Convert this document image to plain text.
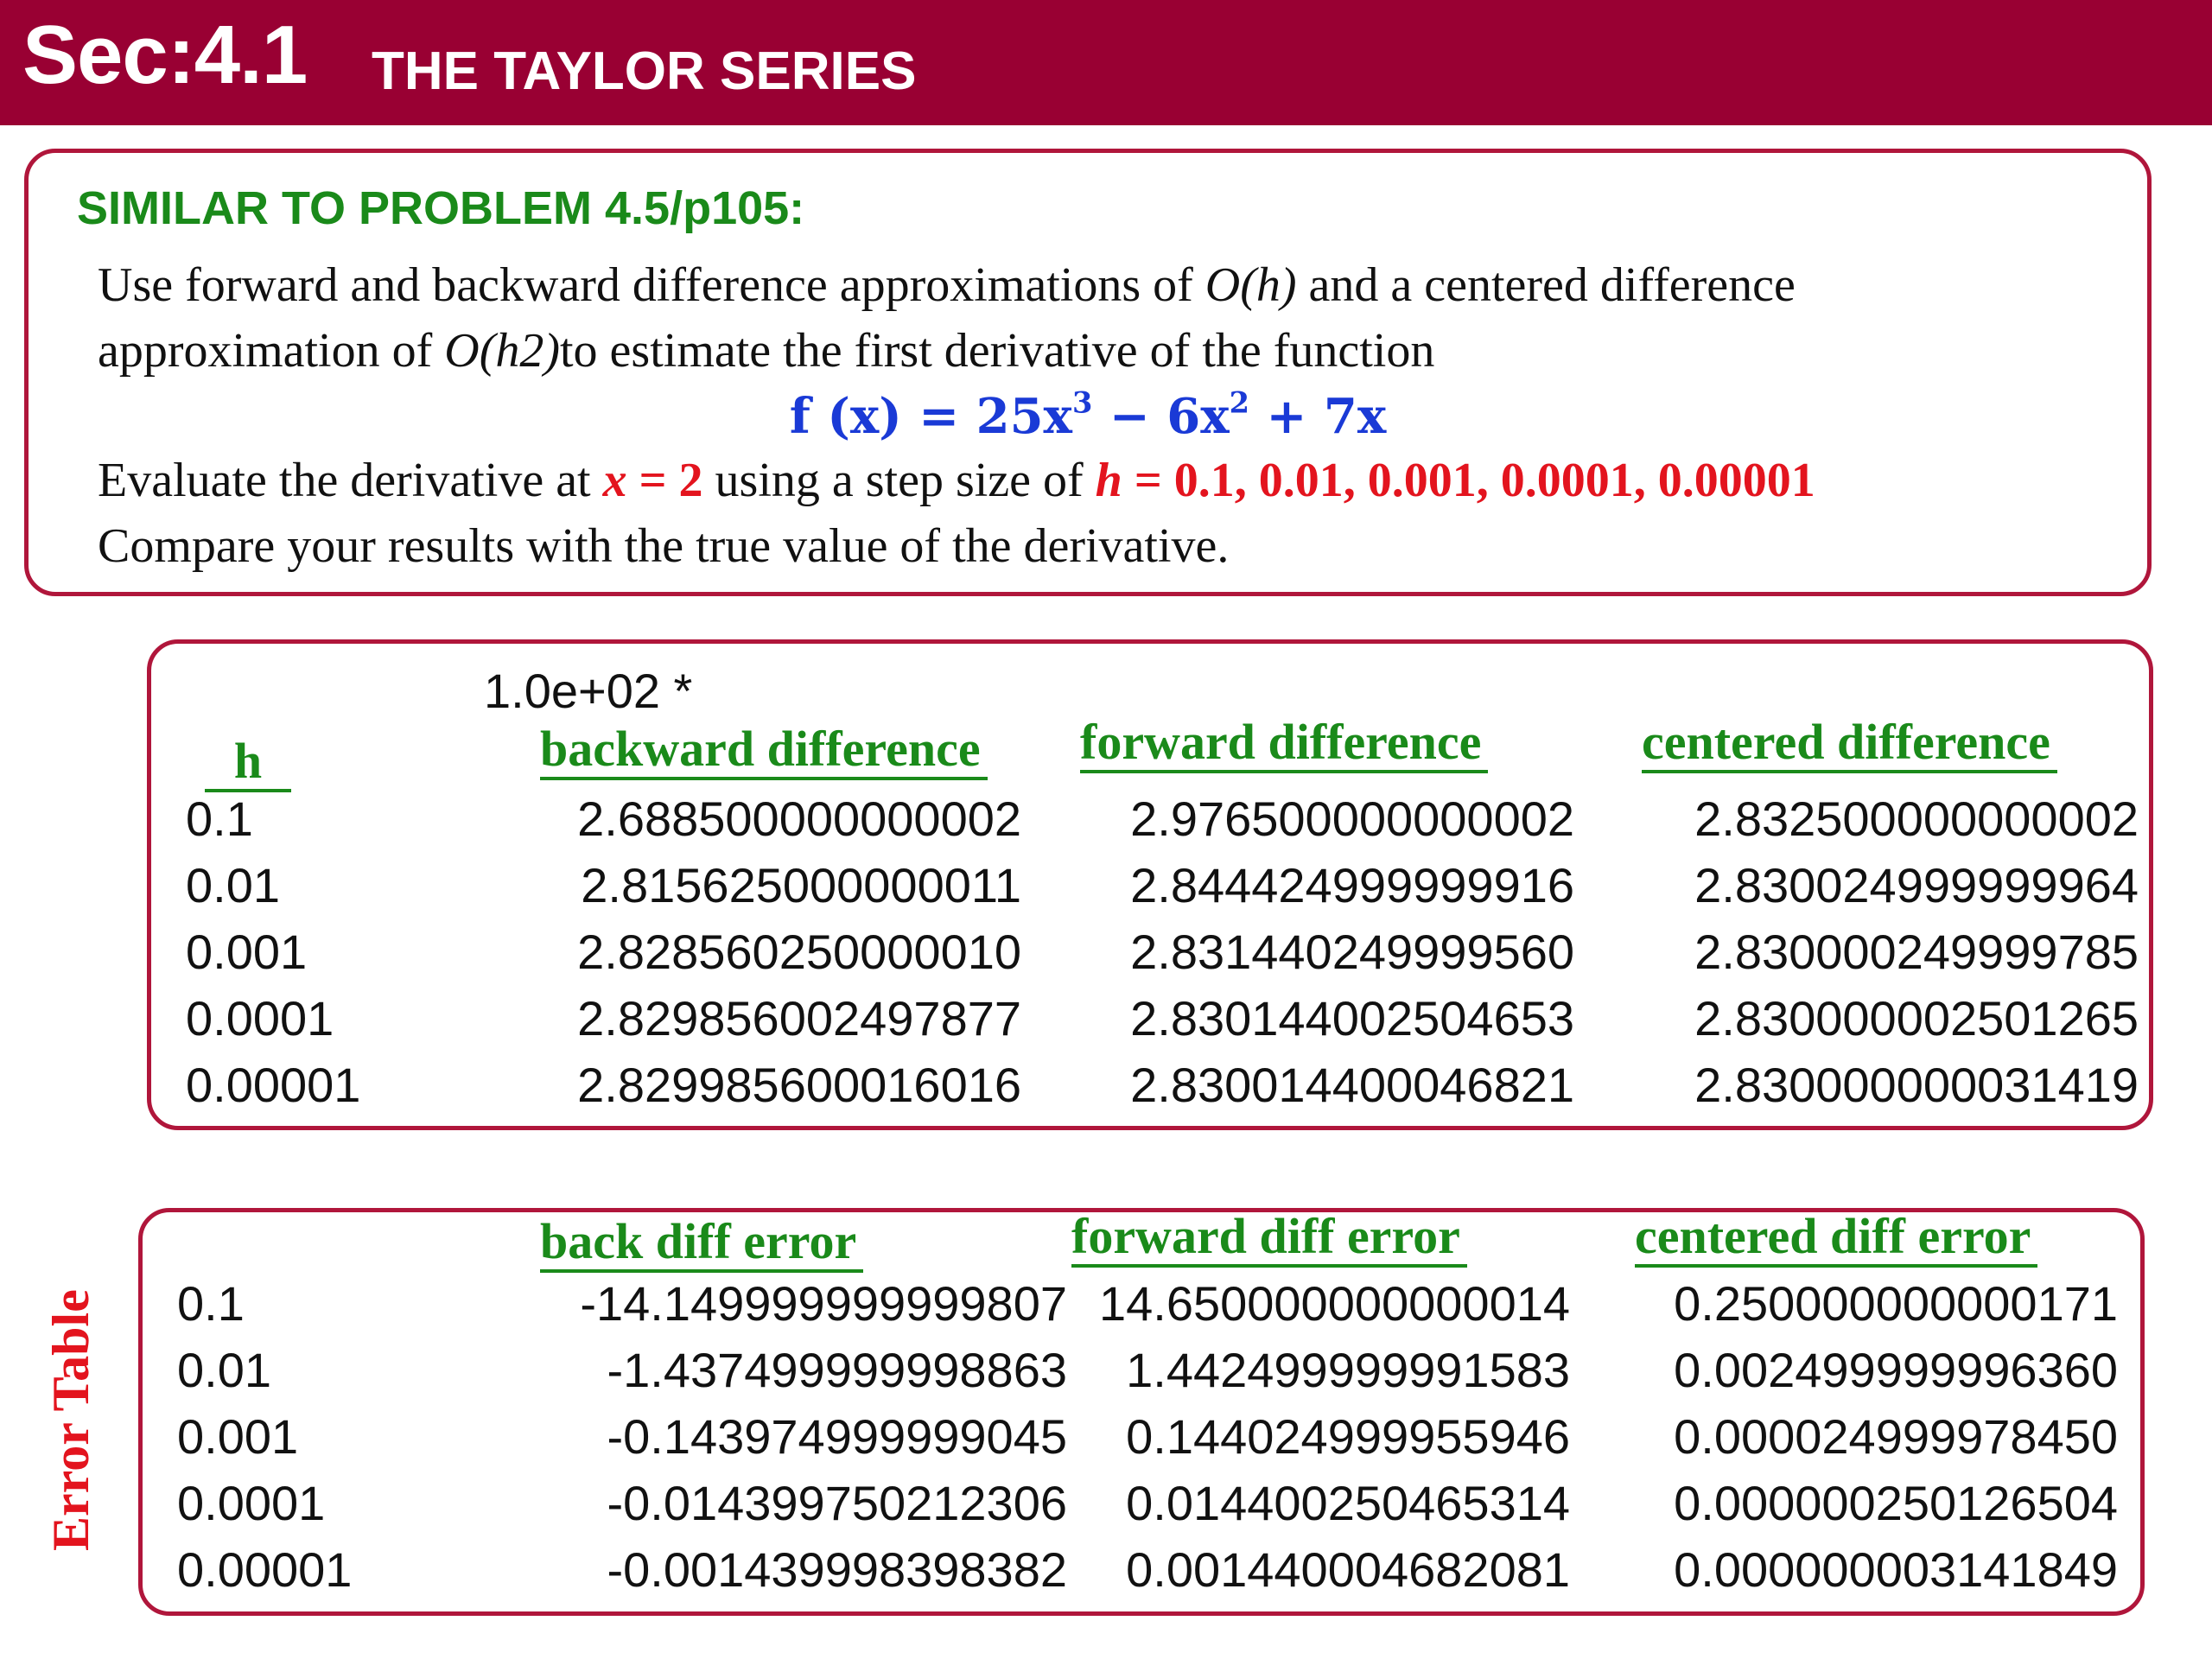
Sec:4.1 THE TAYLOR SERIES
SIMILAR TO PROBLEM 4.5/p105:
Use forward and backward difference approximations of O(h) and a centered difference
approximation of O(h2)to estimate the first derivative of the function
f $(x) = 25x^3 - 6x^2 + 7x$
Evaluate the derivative at x = 2 using a step size of h = 0.1, 0.01, 0.001, 0.0001, 0.00001
Compare your results with the true value of the derivative.
1.0e+02 *
h	backward difference forward difference	centered difference
0.1	2.688500000000002 2.976500000000002 2.832500000000002
0.01	2.815625000000011 2.844424999999916 2.830024999999964
0.001	2.828560250000010 2.831440249999560 2.830000249999785
0.0001	2.829856002497877 2.830144002504653 2.830000002501265
0.00001	2.829985600016016 2.830014400046821 2.830000000031419
Error Table
back diff error	forward diff error	centered diff error
0.1	-14.149999999999807 14.650000000000014 0.250000000000171
0.01	-1.437499999998863 1.442499999991583 0.002499999996360
0.001	-0.143974999999045 0.144024999955946 0.000024999978450
0.0001	-0.014399750212306 0.014400250465314 0.000000250126504
0.00001	-0.001439998398382 0.001440004682081 0.000000003141849
